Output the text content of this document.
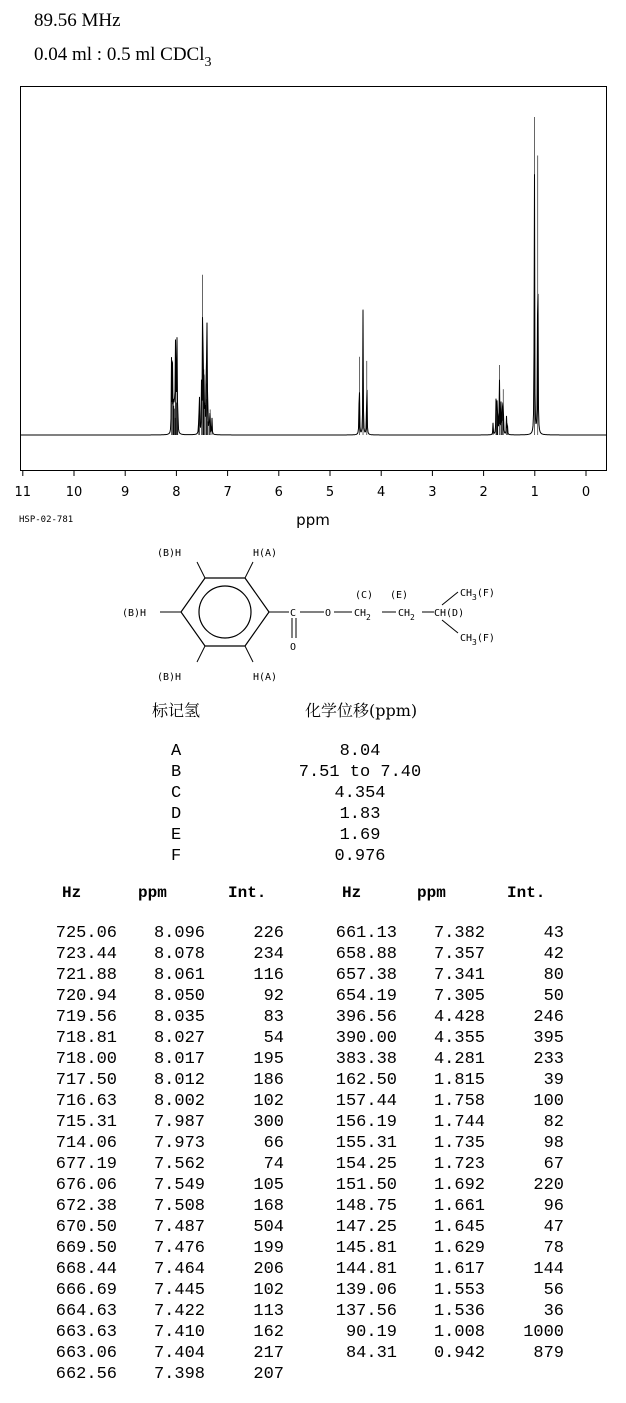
89.56 MHz
0.04 ml : 0.5 ml CDCl$_3$
11	10	9	8	7	6	5	4	3	2	1	0
ppm
HSP-02-781
(B)H	H(A)
(B)H
(B)H	H(A)
(C) (E)
C
O
O $CH_2$	$CH_2$ CH(D)
$CH_3(F)$
$CH_3(F)$
标记氢	化学位移(ppm)
A	8.04
B	7.51 to 7.40
C	4.354
D	1.83
E	1.69
F	0.976
Hz	ppm	Int.	Hz	ppm	Int.
725.06 8.096	226
723.44 8.078	234
721.88 8.061	116
720.94 8.050	92
719.56 8.035	83
718.81 8.027	54
718.00 8.017	195
717.50 8.012	186
716.63 8.002	102
715.31 7.987	300
714.06 7.973	66
677.19 7.562	74
676.06 7.549	105
672.38 7.508	168
670.50 7.487	504
669.50 7.476	199
668.44 7.464	206
666.69 7.445	102
664.63 7.422	113
663.63 7.410	162
663.06 7.404	217
662.56 7.398	207
661.13 7.382	43
658.88 7.357	42
657.38 7.341	80
654.19 7.305	50
396.56 4.428	246
390.00 4.355	395
383.38 4.281	233
162.50 1.815	39
157.44 1.758	100
156.19 1.744	82
155.31 1.735	98
154.25 1.723	67
151.50 1.692	220
148.75 1.661	96
147.25 1.645	47
145.81 1.629	78
144.81 1.617	144
139.06 1.553	56
137.56 1.536	36
90.19 1.008 1000
84.31 0.942	879
